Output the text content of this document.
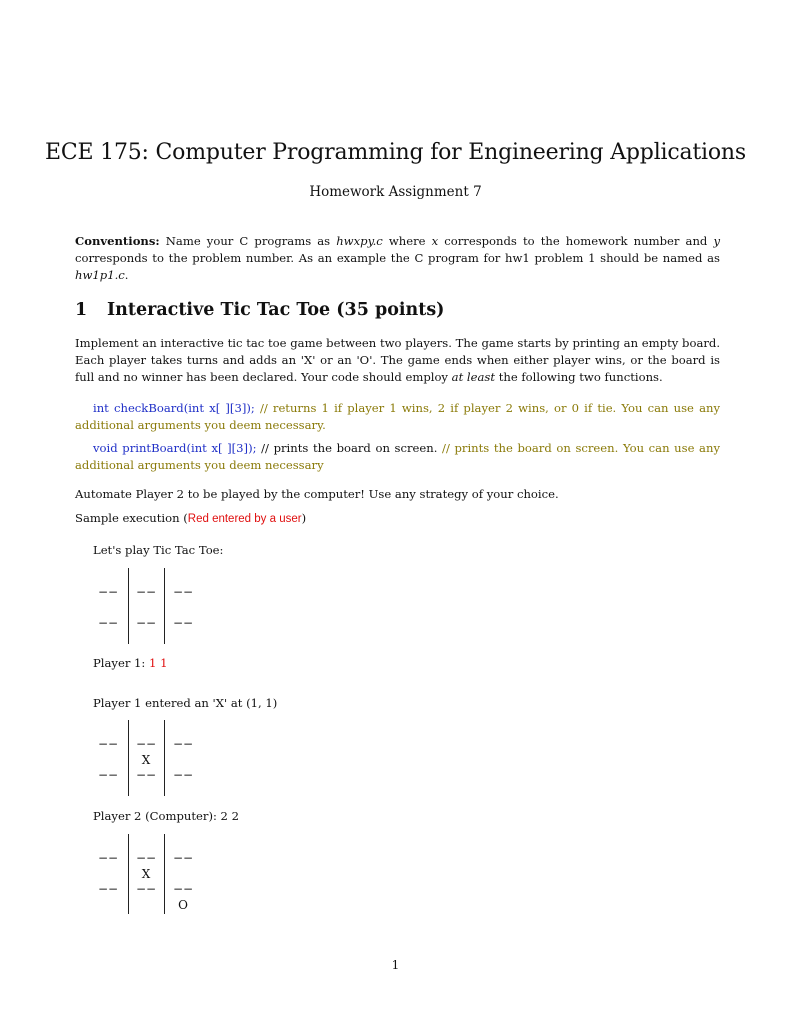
ECE 175: Computer Programming for Engineering Applications
Homework Assignment 7
Conventions: Name your C programs as hwxpy.c where x corresponds to the homework number and y corresponds to the problem number. As an example the C program for hw1 problem 1 should be named as hw1p1.c.
1 Interactive Tic Tac Toe (35 points)
Implement an interactive tic tac toe game between two players. The game starts by printing an empty board. Each player takes turns and adds an 'X' or an 'O'. The game ends when either player wins, or the board is full and no winner has been declared. Your code should employ at least the following two functions.
int checkBoard(int x[ ][3]); // returns 1 if player 1 wins, 2 if player 2 wins, or 0 if tie. You can use any additional arguments you deem necessary.
void printBoard(int x[ ][3]); // prints the board on screen. // prints the board on screen. You can use any additional arguments you deem necessary
Automate Player 2 to be played by the computer! Use any strategy of your choice.
Sample execution (Red entered by a user)
Let's play Tic Tac Toe:
−− −− −−
−− −− −−
Player 1: 1 1
Player 1 entered an 'X' at (1, 1)
−− −− −−
X
−− −− −−
Player 2 (Computer): 2 2
−− −− −−
X
−− −− −−
O
1
